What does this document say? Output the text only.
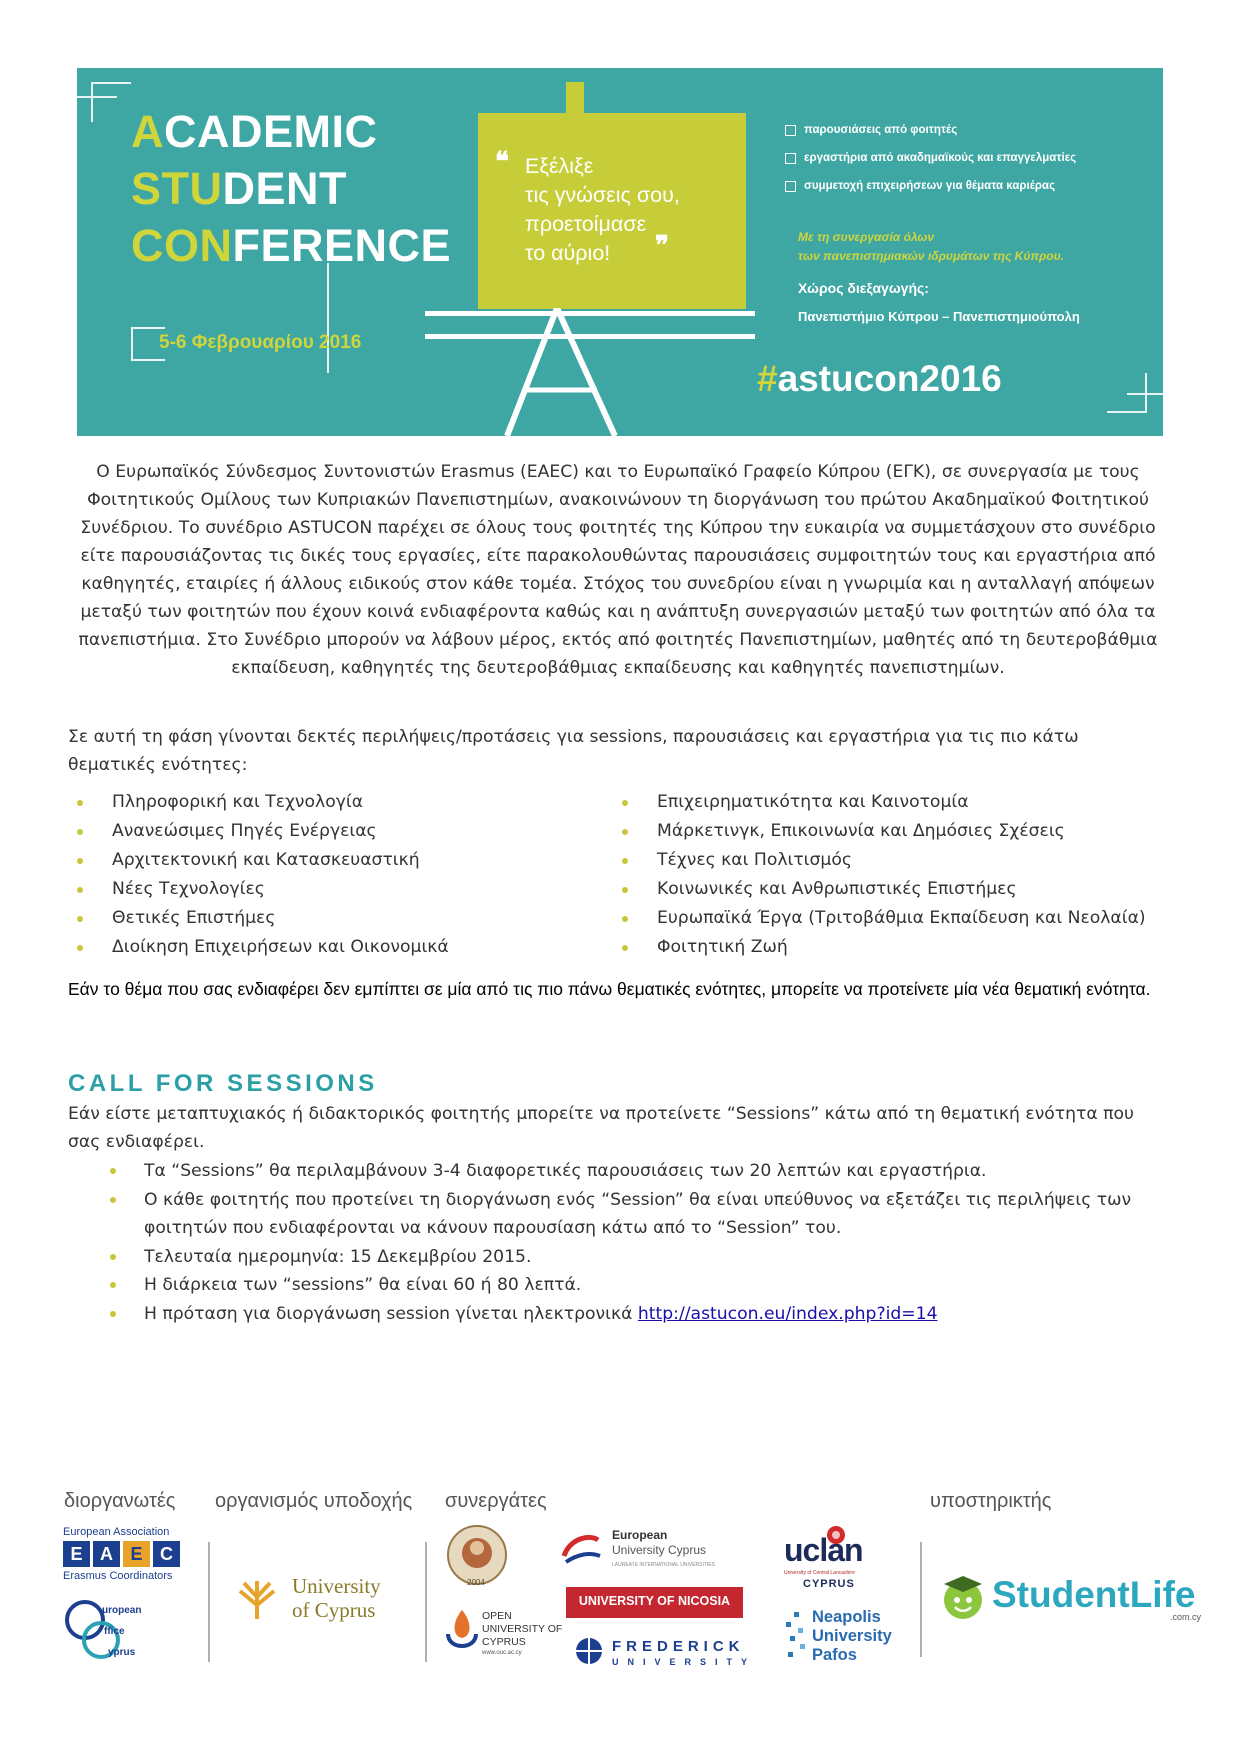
ACADEMIC
STUDENT
CONFERENCE
5-6 Φεβρουαρίου 2016
❝ Εξέλιξε
τις γνώσεις σου,
προετοίμασε
το αύριο!	❞
παρουσιάσεις από φοιτητές
εργαστήρια από ακαδημαϊκούς και επαγγελματίες
συμμετοχή επιχειρήσεων για θέματα καριέρας
Με τη συνεργασία όλων
των πανεπιστημιακών ιδρυμάτων της Κύπρου.
Χώρος διεξαγωγής:
Πανεπιστήμιο Κύπρου – Πανεπιστημιούπολη
#astucon2016

Ο Ευρωπαϊκός Σύνδεσμος Συντονιστών Erasmus (EAEC) και το Ευρωπαϊκό Γραφείο Κύπρου (ΕΓΚ), σε συνεργασία με τους Φοιτητικούς Ομίλους των Κυπριακών Πανεπιστημίων, ανακοινώνουν τη διοργάνωση του πρώτου Ακαδημαϊκού Φοιτητικού Συνέδριου. Το συνέδριο ASTUCON παρέχει σε όλους τους φοιτητές της Κύπρου την ευκαιρία να συμμετάσχουν στο συνέδριο είτε παρουσιάζοντας τις δικές τους εργασίες, είτε παρακολουθώντας παρουσιάσεις συμφοιτητών τους και εργαστήρια από καθηγητές, εταιρίες ή άλλους ειδικούς στον κάθε τομέα. Στόχος του συνεδρίου είναι η γνωριμία και η ανταλλαγή απόψεων μεταξύ των φοιτητών που έχουν κοινά ενδιαφέροντα καθώς και η ανάπτυξη συνεργασιών μεταξύ των φοιτητών από όλα τα πανεπιστήμια. Στο Συνέδριο μπορούν να λάβουν μέρος, εκτός από φοιτητές Πανεπιστημίων, μαθητές από τη δευτεροβάθμια εκπαίδευση, καθηγητές της δευτεροβάθμιας εκπαίδευσης και καθηγητές πανεπιστημίων.

Σε αυτή τη φάση γίνονται δεκτές περιλήψεις/προτάσεις για sessions, παρουσιάσεις και εργαστήρια για τις πιο κάτω θεματικές ενότητες:

Πληροφορική και Τεχνολογία
Ανανεώσιμες Πηγές Ενέργειας
Αρχιτεκτονική και Κατασκευαστική
Νέες Τεχνολογίες
Θετικές Επιστήμες
Διοίκηση Επιχειρήσεων και Οικονομικά
Επιχειρηματικότητα και Καινοτομία
Μάρκετινγκ, Επικοινωνία και Δημόσιες Σχέσεις
Τέχνες και Πολιτισμός
Κοινωνικές και Ανθρωπιστικές Επιστήμες
Ευρωπαϊκά Έργα (Τριτοβάθμια Εκπαίδευση και Νεολαία)
Φοιτητική Ζωή

Εάν το θέμα που σας ενδιαφέρει δεν εμπίπτει σε μία από τις πιο πάνω θεματικές ενότητες, μπορείτε να προτείνετε μία νέα θεματική ενότητα.

CALL FOR SESSIONS

Εάν είστε μεταπτυχιακός ή διδακτορικός φοιτητής μπορείτε να προτείνετε “Sessions” κάτω από τη θεματική ενότητα που σας ενδιαφέρει.

Τα “Sessions” θα περιλαμβάνουν 3-4 διαφορετικές παρουσιάσεις των 20 λεπτών και εργαστήρια.
Ο κάθε φοιτητής που προτείνει τη διοργάνωση ενός “Session” θα είναι υπεύθυνος να εξετάζει τις περιλήψεις των φοιτητών που ενδιαφέρονται να κάνουν παρουσίαση κάτω από το “Session” του.
Τελευταία ημερομηνία: 15 Δεκεμβρίου 2015.
Η διάρκεια των “sessions” θα είναι 60 ή 80 λεπτά.
Η πρόταση για διοργάνωση session γίνεται ηλεκτρονικά http://astucon.eu/index.php?id=14
διοργανωτές οργανισμός υποδοχής συνεργάτες	υποστηρικτής
European Association
E A E C
Erasmus Coordinators
uropean
ffice
yprus
University
of Cyprus
2004
OPEN
UNIVERSITY OF
CYPRUS
www.ouc.ac.cy
European
University Cyprus
LAUREATE INTERNATIONAL UNIVERSITIES
UNIVERSITY OF NICOSIA
FREDERICK
UNIVERSITY
uclan
University of Central Lancashire
CYPRUS
Neapolis
University
Pafos
StudentLife
.com.cy
